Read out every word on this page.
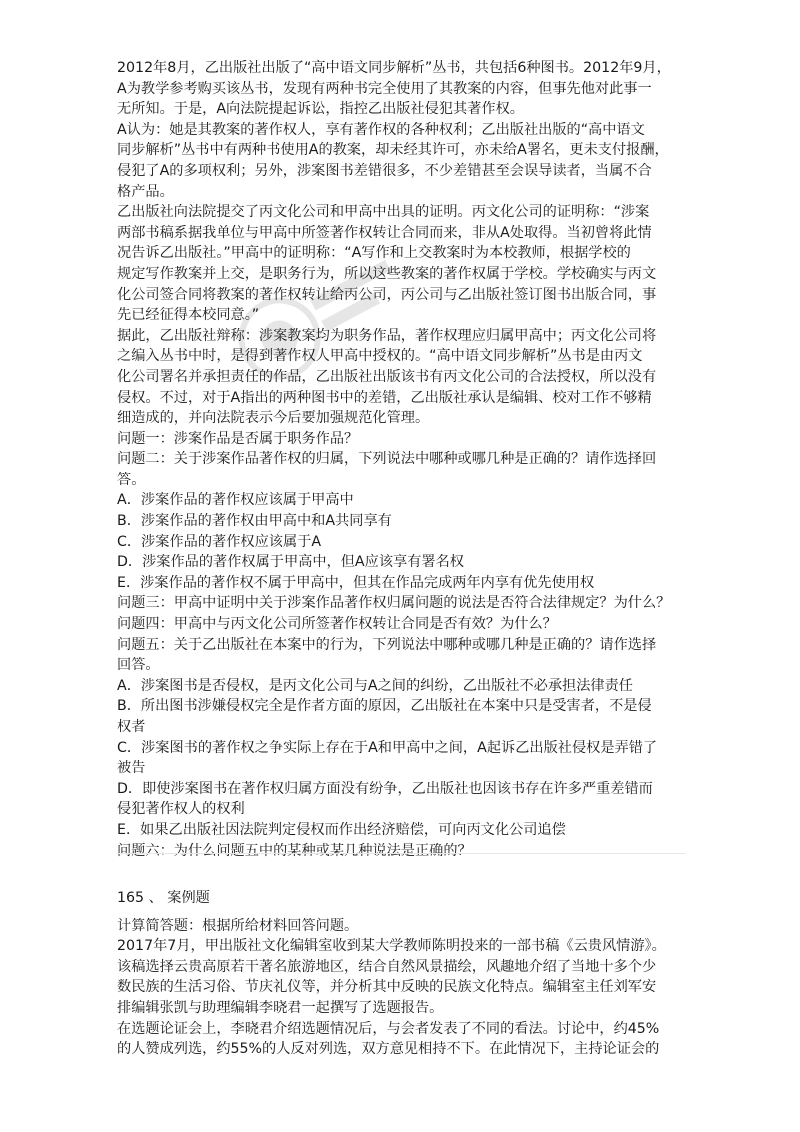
2012年8月，乙出版社出版了“高中语文同步解析”丛书，共包括6种图书。2012年9月，
A为教学参考购买该丛书，发现有两种书完全使用了其教案的内容，但事先他对此事一
无所知。于是，A向法院提起诉讼，指控乙出版社侵犯其著作权。
A认为：她是其教案的著作权人，享有著作权的各种权利；乙出版社出版的“高中语文
同步解析”丛书中有两种书使用A的教案，却未经其许可，亦未给A署名，更未支付报酬，
侵犯了A的多项权利；另外，涉案图书差错很多，不少差错甚至会误导读者，当属不合
格产品。
乙出版社向法院提交了丙文化公司和甲高中出具的证明。丙文化公司的证明称：“涉案
两部书稿系据我单位与甲高中所签著作权转让合同而来，非从A处取得。当初曾将此情
况告诉乙出版社。”甲高中的证明称：“A写作和上交教案时为本校教师，根据学校的
规定写作教案并上交，是职务行为，所以这些教案的著作权属于学校。学校确实与丙文
化公司签合同将教案的著作权转让给丙公司，丙公司与乙出版社签订图书出版合同，事
先已经征得本校同意。”
据此，乙出版社辩称：涉案教案均为职务作品，著作权理应归属甲高中；丙文化公司将
之编入丛书中时，是得到著作权人甲高中授权的。“高中语文同步解析”丛书是由丙文
化公司署名并承担责任的作品，乙出版社出版该书有丙文化公司的合法授权，所以没有
侵权。不过，对于A指出的两种图书中的差错，乙出版社承认是编辑、校对工作不够精
细造成的，并向法院表示今后要加强规范化管理。
问题一：涉案作品是否属于职务作品？
问题二：关于涉案作品著作权的归属，下列说法中哪种或哪几种是正确的？请作选择回
答。
A．涉案作品的著作权应该属于甲高中
B．涉案作品的著作权由甲高中和A共同享有
C．涉案作品的著作权应该属于A
D．涉案作品的著作权属于甲高中，但A应该享有署名权
E．涉案作品的著作权不属于甲高中，但其在作品完成两年内享有优先使用权
问题三：甲高中证明中关于涉案作品著作权归属问题的说法是否符合法律规定？为什么？
问题四：甲高中与丙文化公司所签著作权转让合同是否有效？为什么？
问题五：关于乙出版社在本案中的行为，下列说法中哪种或哪几种是正确的？请作选择
回答。
A．涉案图书是否侵权，是丙文化公司与A之间的纠纷，乙出版社不必承担法律责任
B．所出图书涉嫌侵权完全是作者方面的原因，乙出版社在本案中只是受害者，不是侵
权者
C．涉案图书的著作权之争实际上存在于A和甲高中之间，A起诉乙出版社侵权是弄错了
被告
D．即使涉案图书在著作权归属方面没有纷争，乙出版社也因该书存在许多严重差错而
侵犯著作权人的权利
E．如果乙出版社因法院判定侵权而作出经济赔偿，可向丙文化公司追偿
问题六：为什么问题五中的某种或某几种说法是正确的？
165 、 案例题
计算简答题：根据所给材料回答问题。
2017年7月，甲出版社文化编辑室收到某大学教师陈明投来的一部书稿《云贵风情游》。
该稿选择云贵高原若干著名旅游地区，结合自然风景描绘，风趣地介绍了当地十多个少
数民族的生活习俗、节庆礼仪等，并分析其中反映的民族文化特点。编辑室主任刘军安
排编辑张凯与助理编辑李晓君一起撰写了选题报告。
在选题论证会上，李晓君介绍选题情况后，与会者发表了不同的看法。讨论中，约45%
的人赞成列选，约55%的人反对列选，双方意见相持不下。在此情况下，主持论证会的
